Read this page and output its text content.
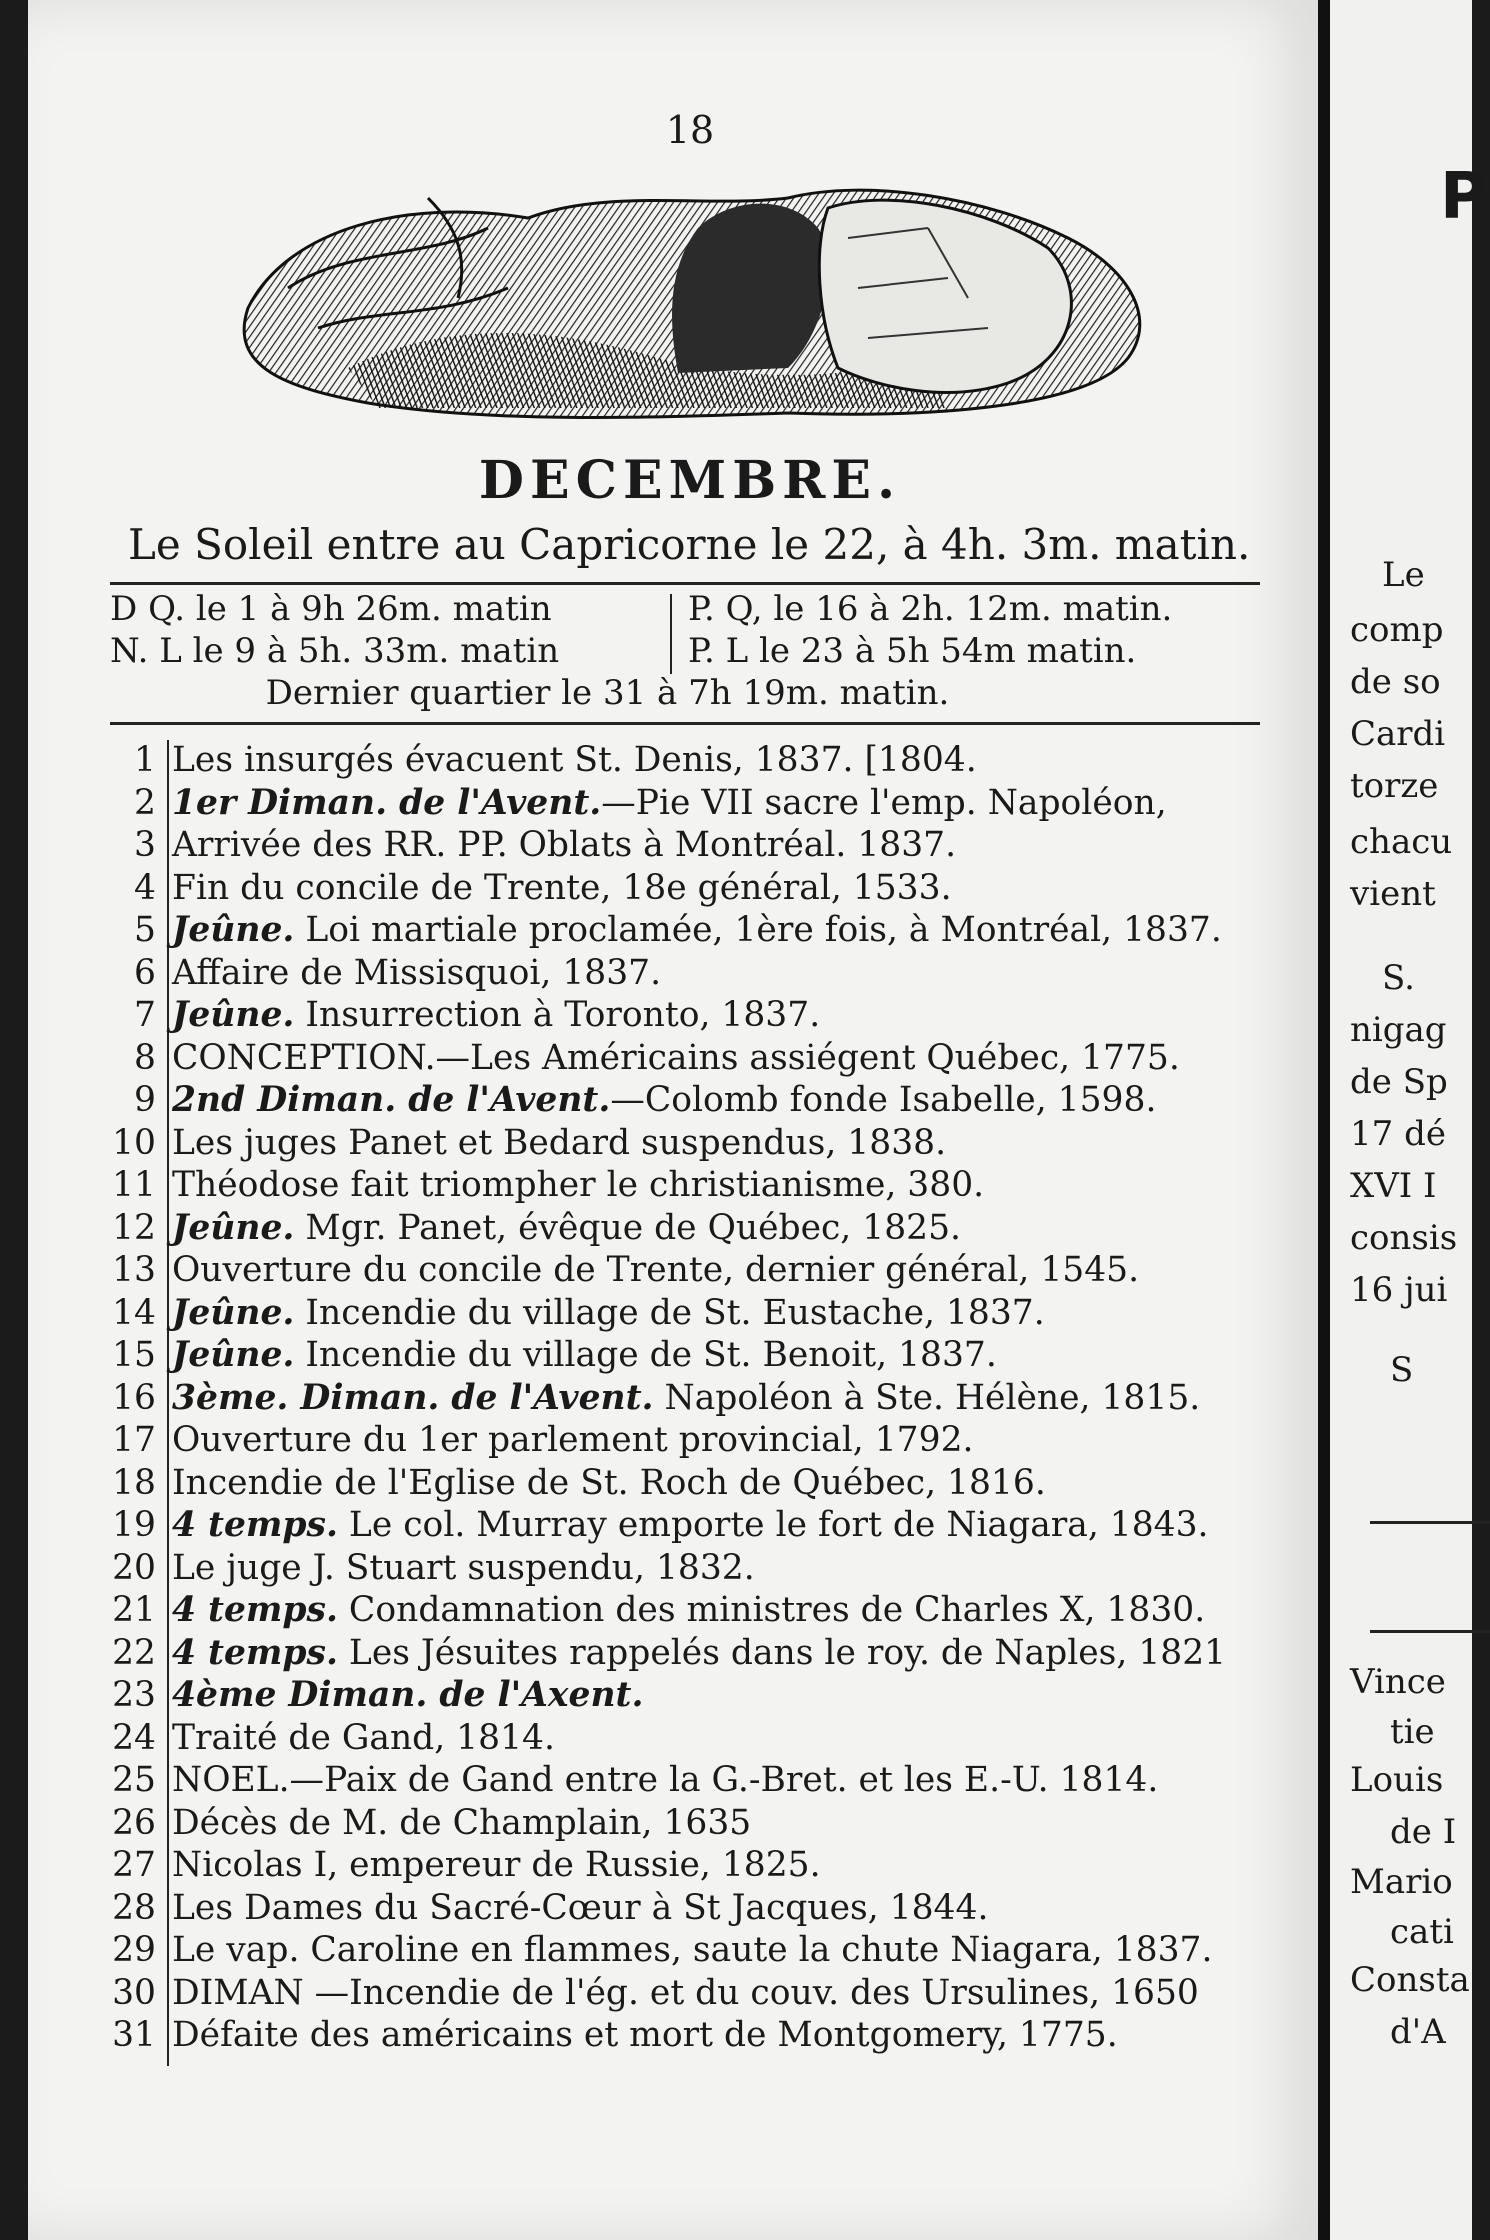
18
DECEMBRE.
Le Soleil entre au Capricorne le 22, à 4h. 3m. matin.
D Q. le 1 à 9h 26m. matin	P. Q, le 16 à 2h. 12m. matin.
N. L le 9 à 5h. 33m. matin	P. L le 23 à 5h 54m matin.
Dernier quartier le 31 à 7h 19m. matin.
1 Les insurgés évacuent St. Denis, 1837. [1804.
2 1er Diman. de l'Avent.—Pie VII sacre l'emp. Napoléon,
3 Arrivée des RR. PP. Oblats à Montréal. 1837.
4 Fin du concile de Trente, 18e général, 1533.
5 Jeûne. Loi martiale proclamée, 1ère fois, à Montréal, 1837.
6 Affaire de Missisquoi, 1837.
7 Jeûne. Insurrection à Toronto, 1837.
8 CONCEPTION.—Les Américains assiégent Québec, 1775.
9 2nd Diman. de l'Avent.—Colomb fonde Isabelle, 1598.
10 Les juges Panet et Bedard suspendus, 1838.
11 Théodose fait triompher le christianisme, 380.
12 Jeûne. Mgr. Panet, évêque de Québec, 1825.
13 Ouverture du concile de Trente, dernier général, 1545.
14 Jeûne. Incendie du village de St. Eustache, 1837.
15 Jeûne. Incendie du village de St. Benoit, 1837.
16 3ème. Diman. de l'Avent. Napoléon à Ste. Hélène, 1815.
17 Ouverture du 1er parlement provincial, 1792.
18 Incendie de l'Eglise de St. Roch de Québec, 1816.
19 4 temps. Le col. Murray emporte le fort de Niagara, 1843.
20 Le juge J. Stuart suspendu, 1832.
21 4 temps. Condamnation des ministres de Charles X, 1830.
22 4 temps. Les Jésuites rappelés dans le roy. de Naples, 1821
23 4ème Diman. de l'Axent.
24 Traité de Gand, 1814.
25 NOEL.—Paix de Gand entre la G.-Bret. et les E.-U. 1814.
26 Décès de M. de Champlain, 1635
27 Nicolas I, empereur de Russie, 1825.
28 Les Dames du Sacré-Cœur à St Jacques, 1844.
29 Le vap. Caroline en flammes, saute la chute Niagara, 1837.
30 DIMAN —Incendie de l'ég. et du couv. des Ursulines, 1650
31 Défaite des américains et mort de Montgomery, 1775.
P
Le
comp
de so
Cardi
torze
chacu
vient
S.
nigag
de Sp
17 dé
XVI I
consis
16 jui
S
Vince
tie
Louis
de I
Mario
cati
Consta
d'A
